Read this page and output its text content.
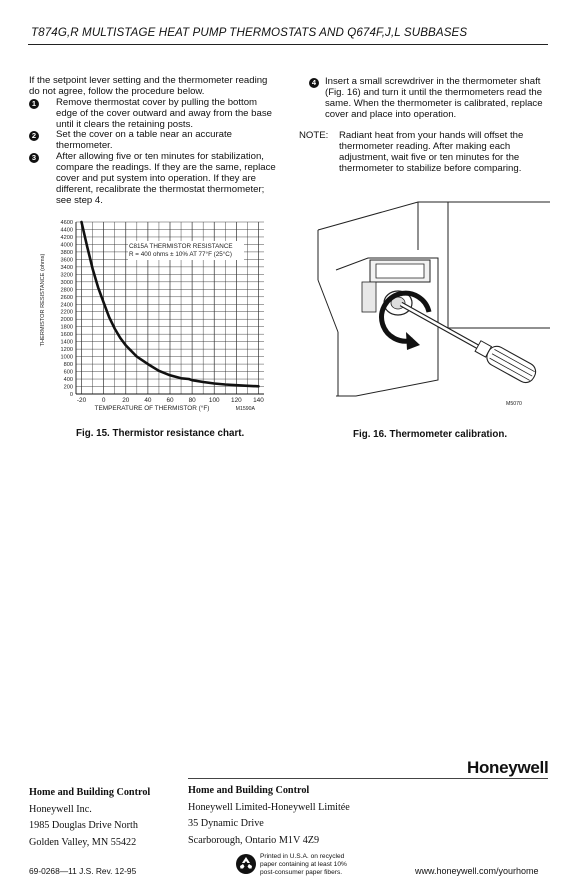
T874G,R MULTISTAGE HEAT PUMP THERMOSTATS AND Q674F,J,L SUBBASES
If the setpoint lever setting and the thermometer reading
do not agree, follow the procedure below.
1	Remove thermostat cover by pulling the bottom
edge of the cover outward and away from the base
until it clears the retaining posts.
2	Set the cover on a table near an accurate
thermometer.
3	After allowing five or ten minutes for stabilization,
compare the readings. If they are the same, replace
cover and put system into operation. If they are
different, recalibrate the thermostat thermometer;
see step 4.
4 Insert a small screwdriver in the thermometer shaft
(Fig. 16) and turn it until the thermometers read the
same. When the thermometer is calibrated, replace
cover and place into operation.
NOTE: Radiant heat from your hands will offset the
thermometer reading. After making each
adjustment, wait five or ten minutes for the
thermometer to stabilize before comparing.
-20 0	20 40 60 80 100 120 140
0
200
400
600
800
1000
1200
1400
1600
1800
2000
2200
2400
2600
2800
3000
3200
3400
3600
3800
4000
4200
4400
4600
C815A THERMISTOR RESISTANCE
R = 400 ohms ± 10% AT 77°F (25°C)
TEMPERATURE OF THERMISTOR (°F)	M1590A
THERMISTOR RESISTANCE (ohms)
Fig. 15. Thermistor resistance chart.
M5070
Fig. 16. Thermometer calibration.
Honeywell
Home and Building Control
Honeywell Inc.
1985 Douglas Drive North
Golden Valley, MN 55422
Home and Building Control
Honeywell Limited-Honeywell Limitée
35 Dynamic Drive
Scarborough, Ontario M1V 4Z9
69-0268—11 J.S. Rev. 12-95
Printed in U.S.A. on recycled
paper containing at least 10%
post-consumer paper fibers.	www.honeywell.com/yourhome
